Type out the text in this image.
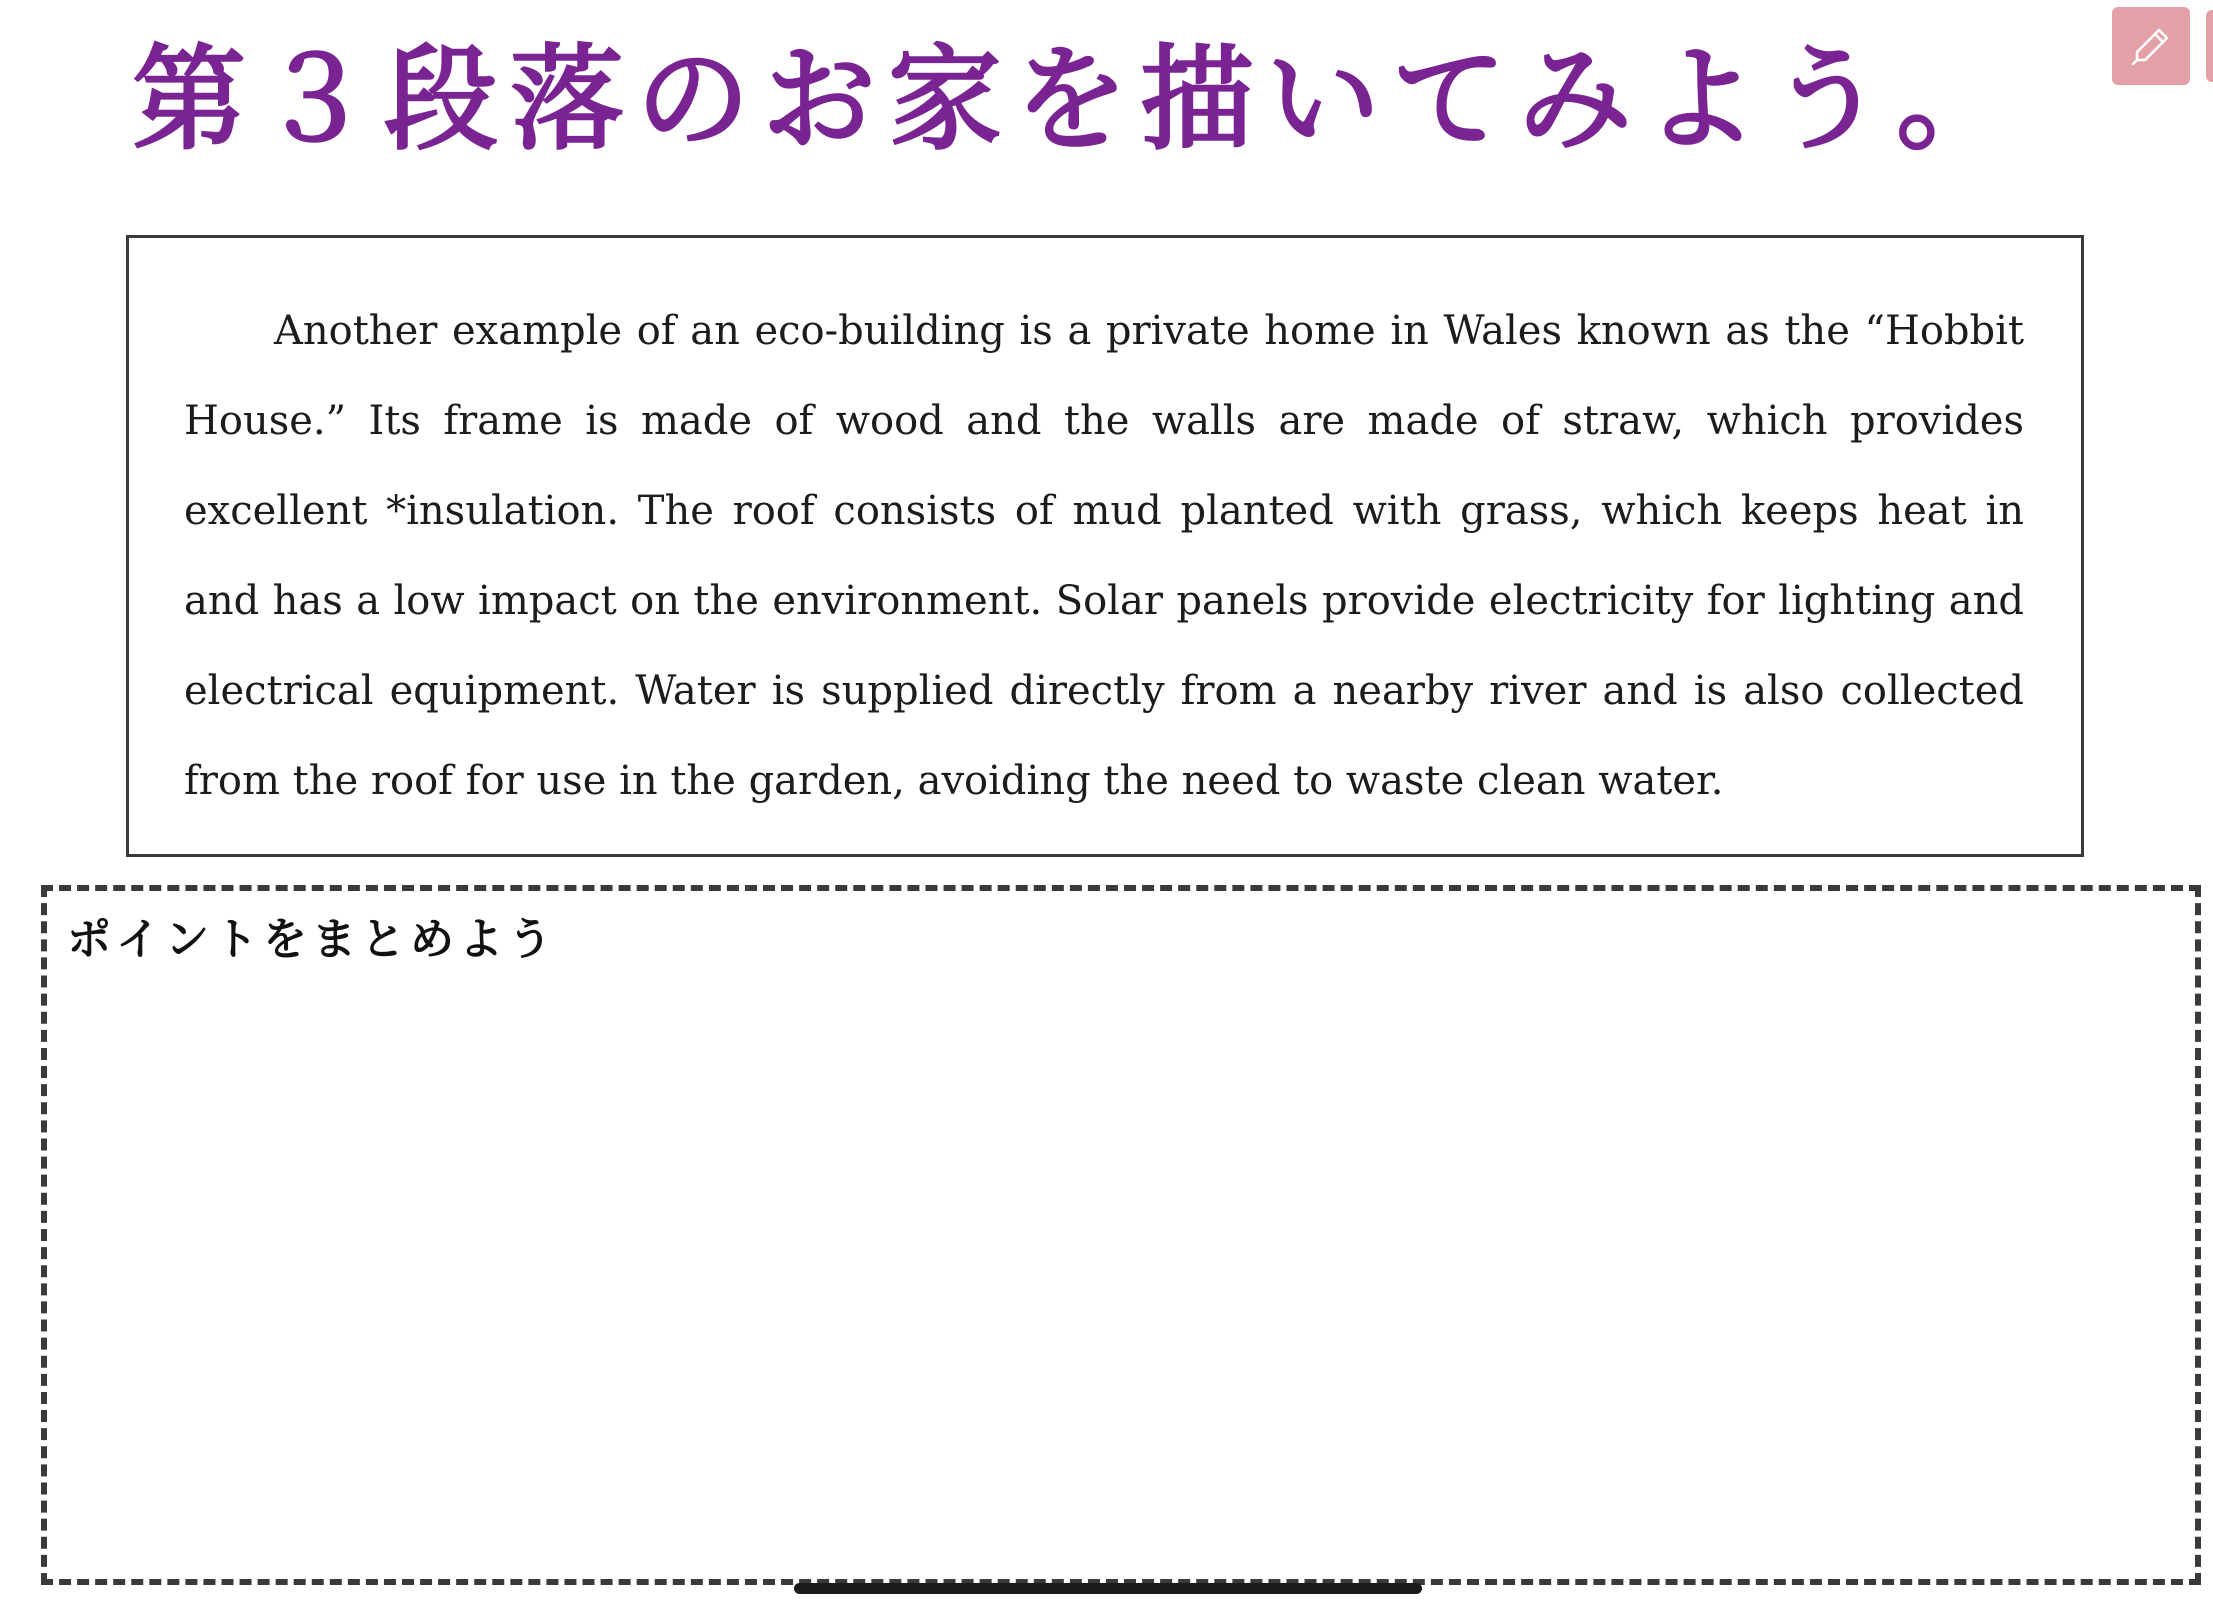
第３段落のお家を描いてみよう。

Another example of an eco-building is a private home in Wales known as the “Hobbit House.” Its frame is made of wood and the walls are made of straw, which provides excellent *insulation. The roof consists of mud planted with grass, which keeps heat in and has a low impact on the environment. Solar panels provide electricity for lighting and electrical equipment. Water is supplied directly from a nearby river and is also collected from the roof for use in the garden, avoiding the need to waste clean water.

ポイントをまとめよう
